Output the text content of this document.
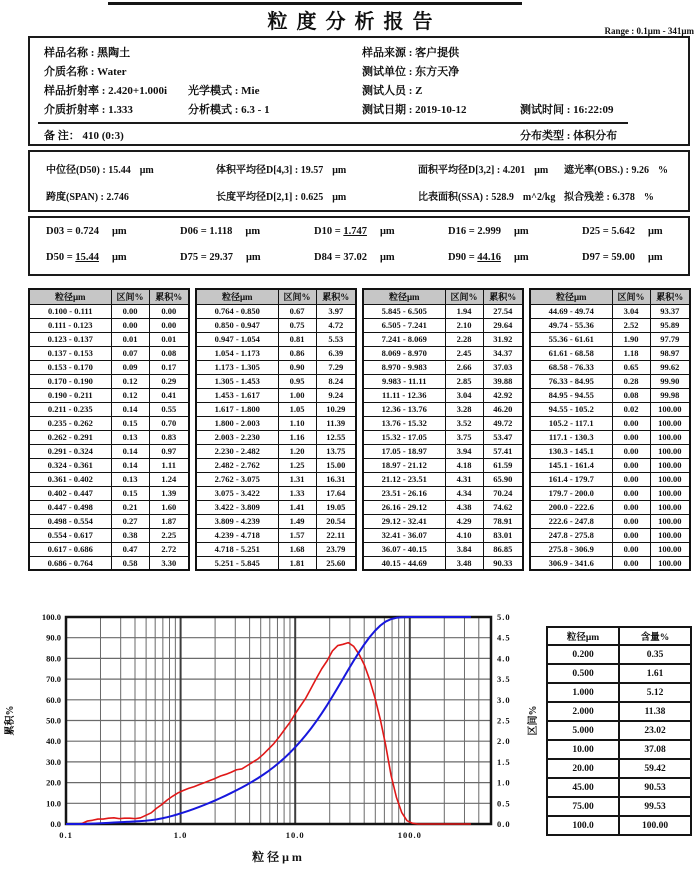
粒度分析报告	Range : 0.1μm - 341μm
样品名称 : 黑陶土	样品来源 : 客户提供
介质名称 : Water	测试单位 : 东方天净
样品折射率 : 2.420+1.000i 光学模式 : Mie	测试人员 : Z
介质折射率 : 1.333	分析模式 : 6.3 - 1	测试日期 : 2019-10-12	测试时间 : 16:22:09
备 注： 410 (0:3)	分布类型 : 体积分布
中位径(D50) : 15.44 μm	体积平均径D[4,3] : 19.57 μm	面积平均径D[3,2] : 4.201 μm 遮光率(OBS.) : 9.26 %
跨度(SPAN) : 2.746	长度平均径D[2,1] : 0.625 μm	比表面积(SSA) : 528.9 m^2/kg 拟合残差 : 6.378 %
D03 = 0.724 μm	D06 = 1.118 μm	D10 = 1.747 μm	D16 = 2.999 μm	D25 = 5.642 μm
D50 = 15.44 μm	D75 = 29.37 μm	D84 = 37.02 μm	D90 = 44.16 μm	D97 = 59.00 μm
粒径μm	区间%	累积%
0.100 - 0.111	0.00	0.00
0.111 - 0.123	0.00	0.00
0.123 - 0.137	0.01	0.01
0.137 - 0.153	0.07	0.08
0.153 - 0.170	0.09	0.17
0.170 - 0.190	0.12	0.29
0.190 - 0.211	0.12	0.41
0.211 - 0.235	0.14	0.55
0.235 - 0.262	0.15	0.70
0.262 - 0.291	0.13	0.83
0.291 - 0.324	0.14	0.97
0.324 - 0.361	0.14	1.11
0.361 - 0.402	0.13	1.24
0.402 - 0.447	0.15	1.39
0.447 - 0.498	0.21	1.60
0.498 - 0.554	0.27	1.87
0.554 - 0.617	0.38	2.25
0.617 - 0.686	0.47	2.72
0.686 - 0.764	0.58	3.30
粒径μm	区间%	累积%
0.764 - 0.850	0.67	3.97
0.850 - 0.947	0.75	4.72
0.947 - 1.054	0.81	5.53
1.054 - 1.173	0.86	6.39
1.173 - 1.305	0.90	7.29
1.305 - 1.453	0.95	8.24
1.453 - 1.617	1.00	9.24
1.617 - 1.800	1.05	10.29
1.800 - 2.003	1.10	11.39
2.003 - 2.230	1.16	12.55
2.230 - 2.482	1.20	13.75
2.482 - 2.762	1.25	15.00
2.762 - 3.075	1.31	16.31
3.075 - 3.422	1.33	17.64
3.422 - 3.809	1.41	19.05
3.809 - 4.239	1.49	20.54
4.239 - 4.718	1.57	22.11
4.718 - 5.251	1.68	23.79
5.251 - 5.845	1.81	25.60
粒径μm	区间%	累积%
5.845 - 6.505	1.94	27.54
6.505 - 7.241	2.10	29.64
7.241 - 8.069	2.28	31.92
8.069 - 8.970	2.45	34.37
8.970 - 9.983	2.66	37.03
9.983 - 11.11	2.85	39.88
11.11 - 12.36	3.04	42.92
12.36 - 13.76	3.28	46.20
13.76 - 15.32	3.52	49.72
15.32 - 17.05	3.75	53.47
17.05 - 18.97	3.94	57.41
18.97 - 21.12	4.18	61.59
21.12 - 23.51	4.31	65.90
23.51 - 26.16	4.34	70.24
26.16 - 29.12	4.38	74.62
29.12 - 32.41	4.29	78.91
32.41 - 36.07	4.10	83.01
36.07 - 40.15	3.84	86.85
40.15 - 44.69	3.48	90.33
粒径μm	区间%	累积%
44.69 - 49.74	3.04	93.37
49.74 - 55.36	2.52	95.89
55.36 - 61.61	1.90	97.79
61.61 - 68.58	1.18	98.97
68.58 - 76.33	0.65	99.62
76.33 - 84.95	0.28	99.90
84.95 - 94.55	0.08	99.98
94.55 - 105.2	0.02	100.00
105.2 - 117.1	0.00	100.00
117.1 - 130.3	0.00	100.00
130.3 - 145.1	0.00	100.00
145.1 - 161.4	0.00	100.00
161.4 - 179.7	0.00	100.00
179.7 - 200.0	0.00	100.00
200.0 - 222.6	0.00	100.00
222.6 - 247.8	0.00	100.00
247.8 - 275.8	0.00	100.00
275.8 - 306.9	0.00	100.00
306.9 - 341.6	0.00	100.00
100.0
90.0
80.0
70.0
60.0
50.0
40.0
30.0
20.0
10.0
0.0
5.0
4.5
4.0
3.5
3.0
2.5
2.0
1.5
1.0
0.5
0.0
0.1	1.0	10.0	100.0
粒径μm
累积%	区间%
粒径μm	含量%
0.200	0.35
0.500	1.61
1.000	5.12
2.000	11.38
5.000	23.02
10.00	37.08
20.00	59.42
45.00	90.53
75.00	99.53
100.0	100.00
